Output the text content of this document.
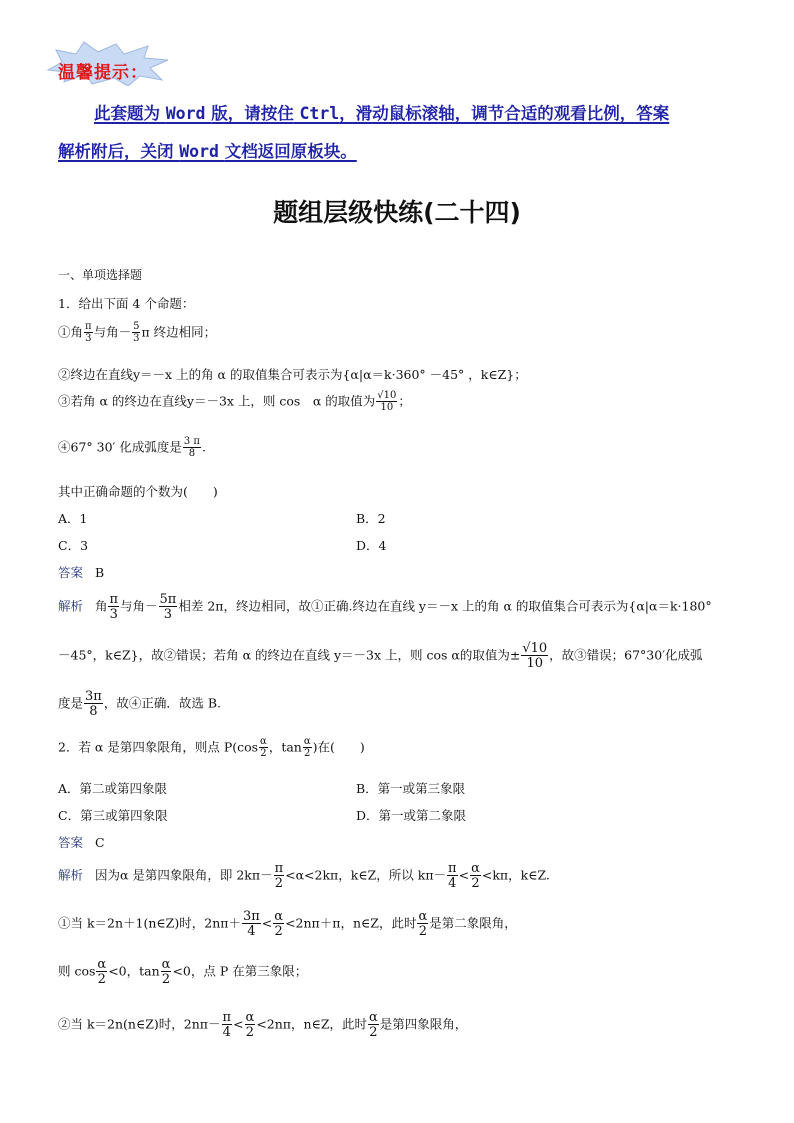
温馨提示：
此套题为 Word 版，请按住 Ctrl，滑动鼠标滚轴，调节合适的观看比例，答案
解析附后，关闭 Word 文档返回原板块。
题组层级快练(二十四)
一、单项选择题
1．给出下面 4 个命题：
①角 $\frac{\pi}{3}$ 与角－ $\frac{5}{3}$ π 终边相同；
②终边在直线y＝－x 上的角 α 的取值集合可表示为{α|α＝k·360° －45° ，k∈Z}；
③若角 α 的终边在直线y＝－3x 上，则 cos　α 的取值为 $\frac{√10}{10}$ ；
④67° 30′ 化成弧度是 $\frac{3 \pi}{8}$ .
其中正确命题的个数为(　　)
A．1	B．2
C．3	D．4
答案 B
解析 角 $\frac{\pi}{3}$ 与角－ $\frac{5\pi}{3}$ 相差 2π，终边相同，故①正确.终边在直线 y＝－x 上的角 α 的取值集合可表示为{α|α＝k·180°
－45°，k∈Z}，故②错误；若角 α 的终边在直线 y＝－3x 上，则 cos α的取值为± $\frac{√10}{10}$ ，故③错误；67°30′化成弧
度是 $\frac{3\pi}{8}$ ，故④正确．故选 B.
2．若 α 是第四象限角，则点 $P(\cos \frac{\alpha}{2}$ ，$\tan \frac{\alpha}{2}$ )在(　　)
A．第二或第四象限	B．第一或第三象限
C．第三或第四象限	D．第一或第二象限
答案 C
解析 因为α 是第四象限角，即 $2k\pi- \frac{\pi}{2} <\alpha<2k\pi$，k∈Z，所以 $k\pi- \frac{\pi}{4} < \frac{\alpha}{2} <k\pi$，k∈Z.
①当 k＝2n＋1(n∈Z)时，$2n\pi+ \frac{3\pi}{4} < \frac{\alpha}{2} <2n\pi+\pi$，n∈Z，此时 $\frac{\alpha}{2}$ 是第二象限角，
则 $\cos \frac{\alpha}{2} <0$，$\tan \frac{\alpha}{2} <0$，点 P 在第三象限；
②当 k＝2n(n∈Z)时，$2n\pi- \frac{\pi}{4} < \frac{\alpha}{2} <2n\pi$，n∈Z，此时 $\frac{\alpha}{2}$ 是第四象限角，
